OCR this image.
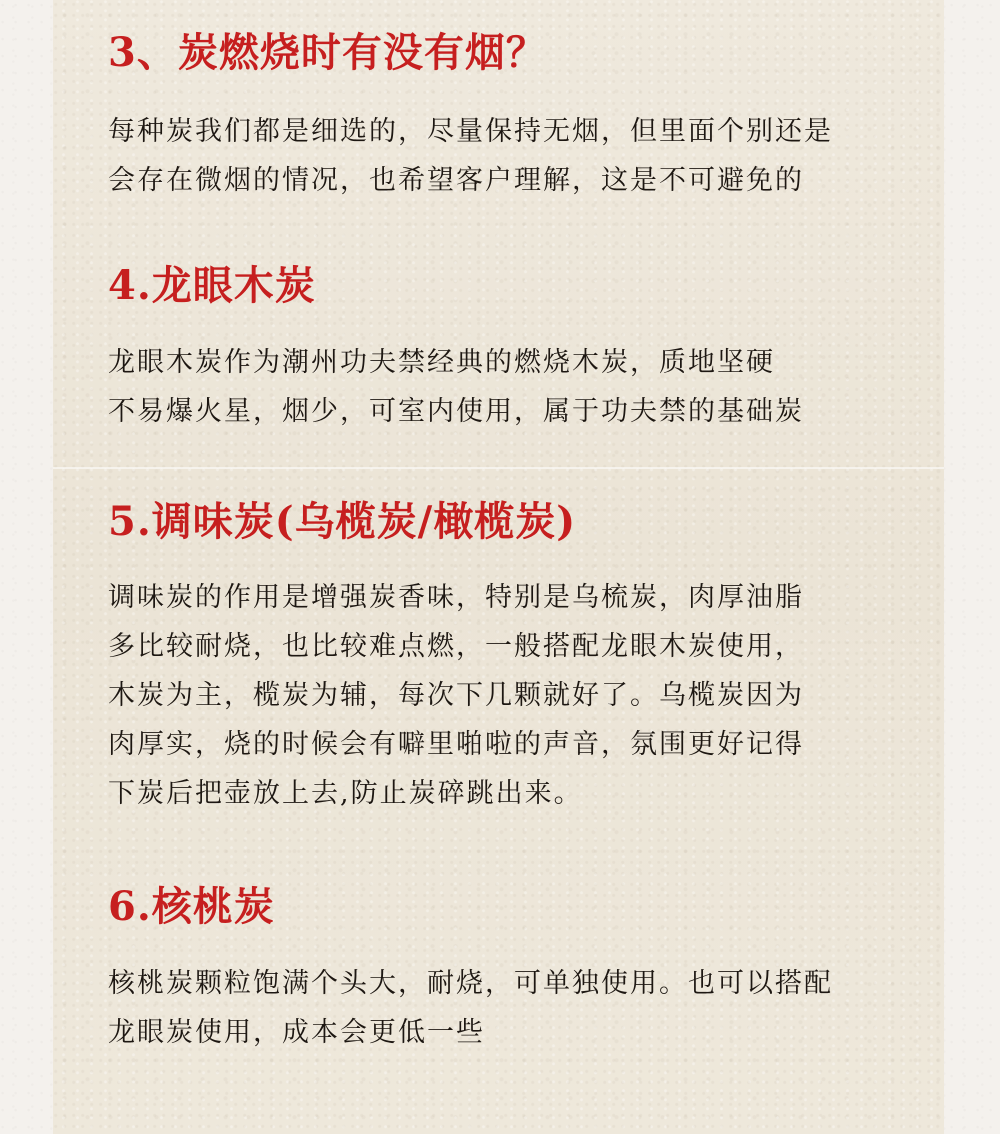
3、炭燃烧时有没有烟？

每种炭我们都是细选的，尽量保持无烟，但里面个别还是
会存在微烟的情况，也希望客户理解，这是不可避免的

4.龙眼木炭

龙眼木炭作为潮州功夫禁经典的燃烧木炭，质地坚硬
不易爆火星，烟少，可室内使用，属于功夫禁的基础炭

5.调味炭(乌榄炭/橄榄炭)

调味炭的作用是增强炭香味，特别是乌梳炭，肉厚油脂
多比较耐烧，也比较难点燃，一般搭配龙眼木炭使用，
木炭为主，榄炭为辅，每次下几颗就好了。乌榄炭因为
肉厚实，烧的时候会有噼里啪啦的声音，氛围更好记得
下炭后把壶放上去,防止炭碎跳出来。

6.核桃炭

核桃炭颗粒饱满个头大，耐烧，可单独使用。也可以搭配
龙眼炭使用，成本会更低一些
